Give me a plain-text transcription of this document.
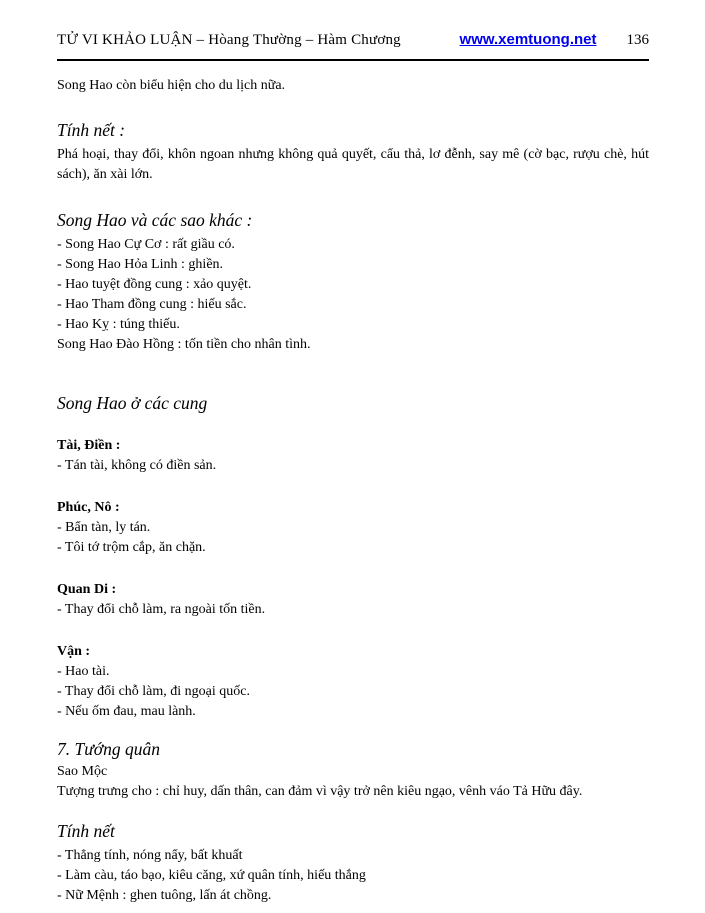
TỬ VI KHẢO LUẬN – Hòang Thường – Hàm Chương	www.xemtuong.net 136

Song Hao còn biểu hiện cho du lịch nữa.

Tính nết :

Phá hoại, thay đổi, khôn ngoan nhưng không quả quyết, cẩu thả, lơ đễnh, say mê (cờ bạc, rượu chè, hút sách), ăn xài lớn.

Song Hao và các sao khác :

- Song Hao Cự Cơ : rất giầu có.

- Song Hao Hỏa Linh : ghiền.

- Hao tuyệt đồng cung : xảo quyệt.

- Hao Tham đồng cung : hiếu sắc.

- Hao Kỵ : túng thiếu.

Song Hao Đào Hồng : tốn tiền cho nhân tình.

Song Hao ở các cung

Tài, Điền :

- Tán tài, không có điền sản.

Phúc, Nô :

- Bẩn tàn, ly tán.

- Tôi tớ trộm cắp, ăn chặn.

Quan Di :

- Thay đổi chỗ làm, ra ngoài tốn tiền.

Vận :

- Hao tài.

- Thay đổi chỗ làm, đi ngoại quốc.

- Nếu ốm đau, mau lành.

7. Tướng quân

Sao Mộc

Tượng trưng cho : chỉ huy, dấn thân, can đảm vì vậy trở nên kiêu ngạo, vênh váo Tả Hữu đây.

Tính nết

- Thẳng tính, nóng nẩy, bất khuất

- Làm càu, táo bạo, kiêu căng, xứ quân tính, hiếu thắng

- Nữ Mệnh : ghen tuông, lấn át chồng.
